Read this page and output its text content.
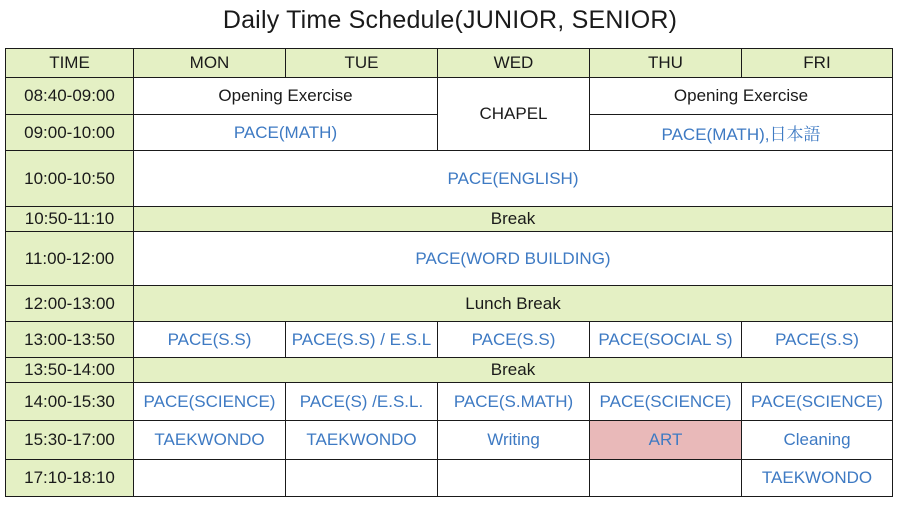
Daily Time Schedule(JUNIOR, SENIOR)
TIME	MON	TUE	WED	THU	FRI
08:40-09:00	Opening Exercise		CHAPEL	Opening Exercise	
09:00-10:00	PACE(MATH)			PACE(MATH),日本語	
10:00-10:50	PACE(ENGLISH)				
10:50-11:10	Break				
11:00-12:00	PACE(WORD BUILDING)				
12:00-13:00	Lunch Break				
13:00-13:50	PACE(S.S)	PACE(S.S) / E.S.L	PACE(S.S)	PACE(SOCIAL S)	PACE(S.S)
13:50-14:00	Break				
14:00-15:30	PACE(SCIENCE)	PACE(S) /E.S.L.	PACE(S.MATH)	PACE(SCIENCE)	PACE(SCIENCE)
15:30-17:00	TAEKWONDO	TAEKWONDO	Writing	ART	Cleaning
17:10-18:10					TAEKWONDO
